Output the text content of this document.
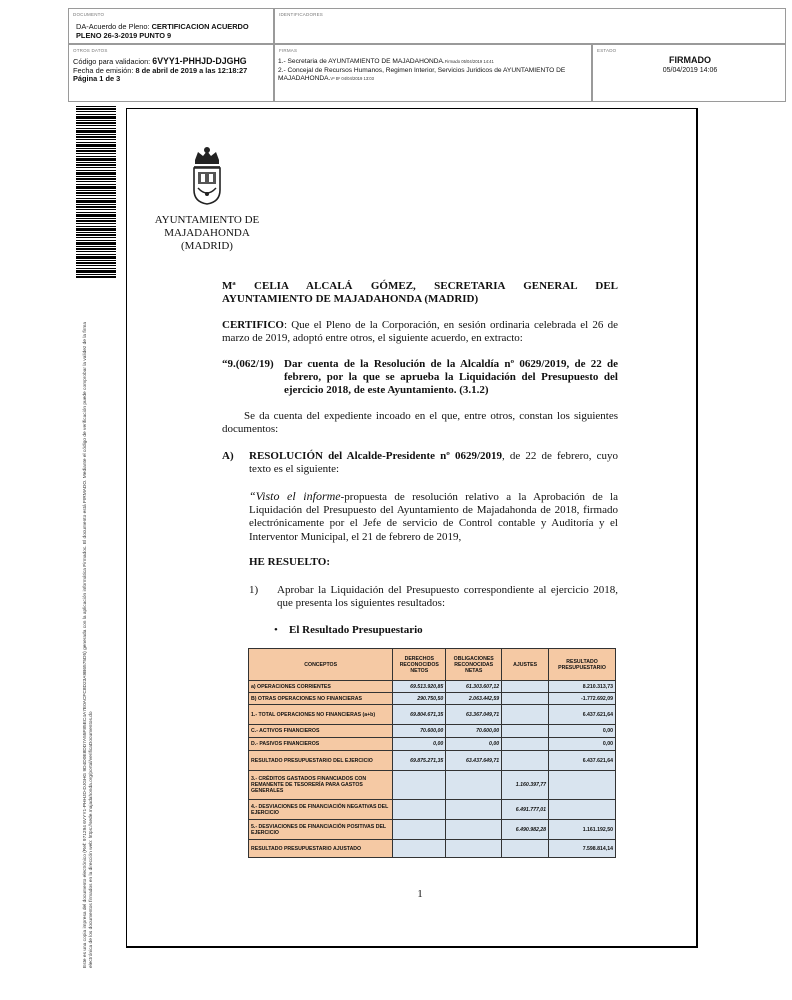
DOCUMENTO
DA-Acuerdo de Pleno: CERTIFICACION ACUERDO
PLENO 26-3-2019 PUNTO 9
IDENTIFICADORES
OTROS DATOS
Código para validacion: 6VYY1-PHHJD-DJGHG
Fecha de emisión: 8 de abril de 2019 a las 12:18:27
Página 1 de 3
FIRMAS
1.- Secretaria de AYUNTAMIENTO DE MAJADAHONDA.Firmado 05/04/2019 14:41
2.- Concejal de Recursos Humanos, Regimen Interior, Servicios Juridicos de AYUNTAMIENTO DE MAJADAHONDA.Vº Bº 04/04/2019 13:03
ESTADO
FIRMADO
05/04/2019 14:06
Este es una copia impresa del documento electrónico (Ref: 971294 6VYY1-PHHJD-DJGHG 9D4D0E8DD7A55F85EC4A7E0ACFC8D23A9B6575D5) generada con la aplicación informática Firmadoc. El documento está FIRMADO. Mediante el código de verificación puede comprobar la validez de la firma electrónica de los documentos firmados en la dirección web: https://sede.majadahonda.org/portal/verificaDocumentos.do
AYUNTAMIENTO DE
MAJADAHONDA
(MADRID)
Mª CELIA ALCALÁ GÓMEZ, SECRETARIA GENERAL DEL
AYUNTAMIENTO DE MAJADAHONDA (MADRID)
CERTIFICO: Que el Pleno de la Corporación, en sesión ordinaria celebrada el 26 de marzo de 2019, adoptó entre otros, el siguiente acuerdo, en extracto:
“9.(062/19) Dar cuenta de la Resolución de la Alcaldía nº 0629/2019, de 22 de febrero, por la que se aprueba la Liquidación del Presupuesto del ejercicio 2018, de este Ayuntamiento. (3.1.2)
Se da cuenta del expediente incoado en el que, entre otros, constan los siguientes documentos:
A)	RESOLUCIÓN del Alcalde-Presidente nº 0629/2019, de 22 de febrero, cuyo texto es el siguiente:
“Visto el informe-propuesta de resolución relativo a la Aprobación de la Liquidación del Presupuesto del Ayuntamiento de Majadahonda de 2018, firmado electrónicamente por el Jefe de servicio de Control contable y Auditoría y el Interventor Municipal, el 21 de febrero de 2019,
HE RESUELTO:
1)	Aprobar la Liquidación del Presupuesto correspondiente al ejercicio 2018, que presenta los siguientes resultados:
•	El Resultado Presupuestario
CONCEPTOS	DERECHOS RECONOCIDOS NETOS	OBLIGACIONES RECONOCIDAS NETAS	AJUSTES	RESULTADO PRESUPUESTARIO
a) OPERACIONES CORRIENTES	69.513.920,85	61.303.607,12		8.210.313,73
B) OTRAS OPERACIONES NO FINANCIERAS	290.750,50	2.063.442,59		-1.772.692,09
1.- TOTAL OPERACIONES NO FINANCIERAS (a+b)	69.804.671,35	63.367.049,71		6.437.621,64
C.- ACTIVOS FINANCIEROS	70.600,00	70.600,00		0,00
D.- PASIVOS FINANCIEROS	0,00	0,00		0,00
RESULTADO PRESUPUESTARIO DEL EJERCICIO	69.875.271,35	63.437.649,71		6.437.621,64
3.- CRÉDITOS GASTADOS FINANCIADOS CON REMANENTE DE TESORERÍA PARA GASTOS GENERALES			1.160.397,77	
4.- DESVIACIONES DE FINANCIACIÓN NEGATIVAS DEL EJERCICIO			6.491.777,01	
5.- DESVIACIONES DE FINANCIACIÓN POSITIVAS DEL EJERCICIO			6.490.982,28	1.161.192,50
RESULTADO PRESUPUESTARIO AJUSTADO				7.598.814,14
1
